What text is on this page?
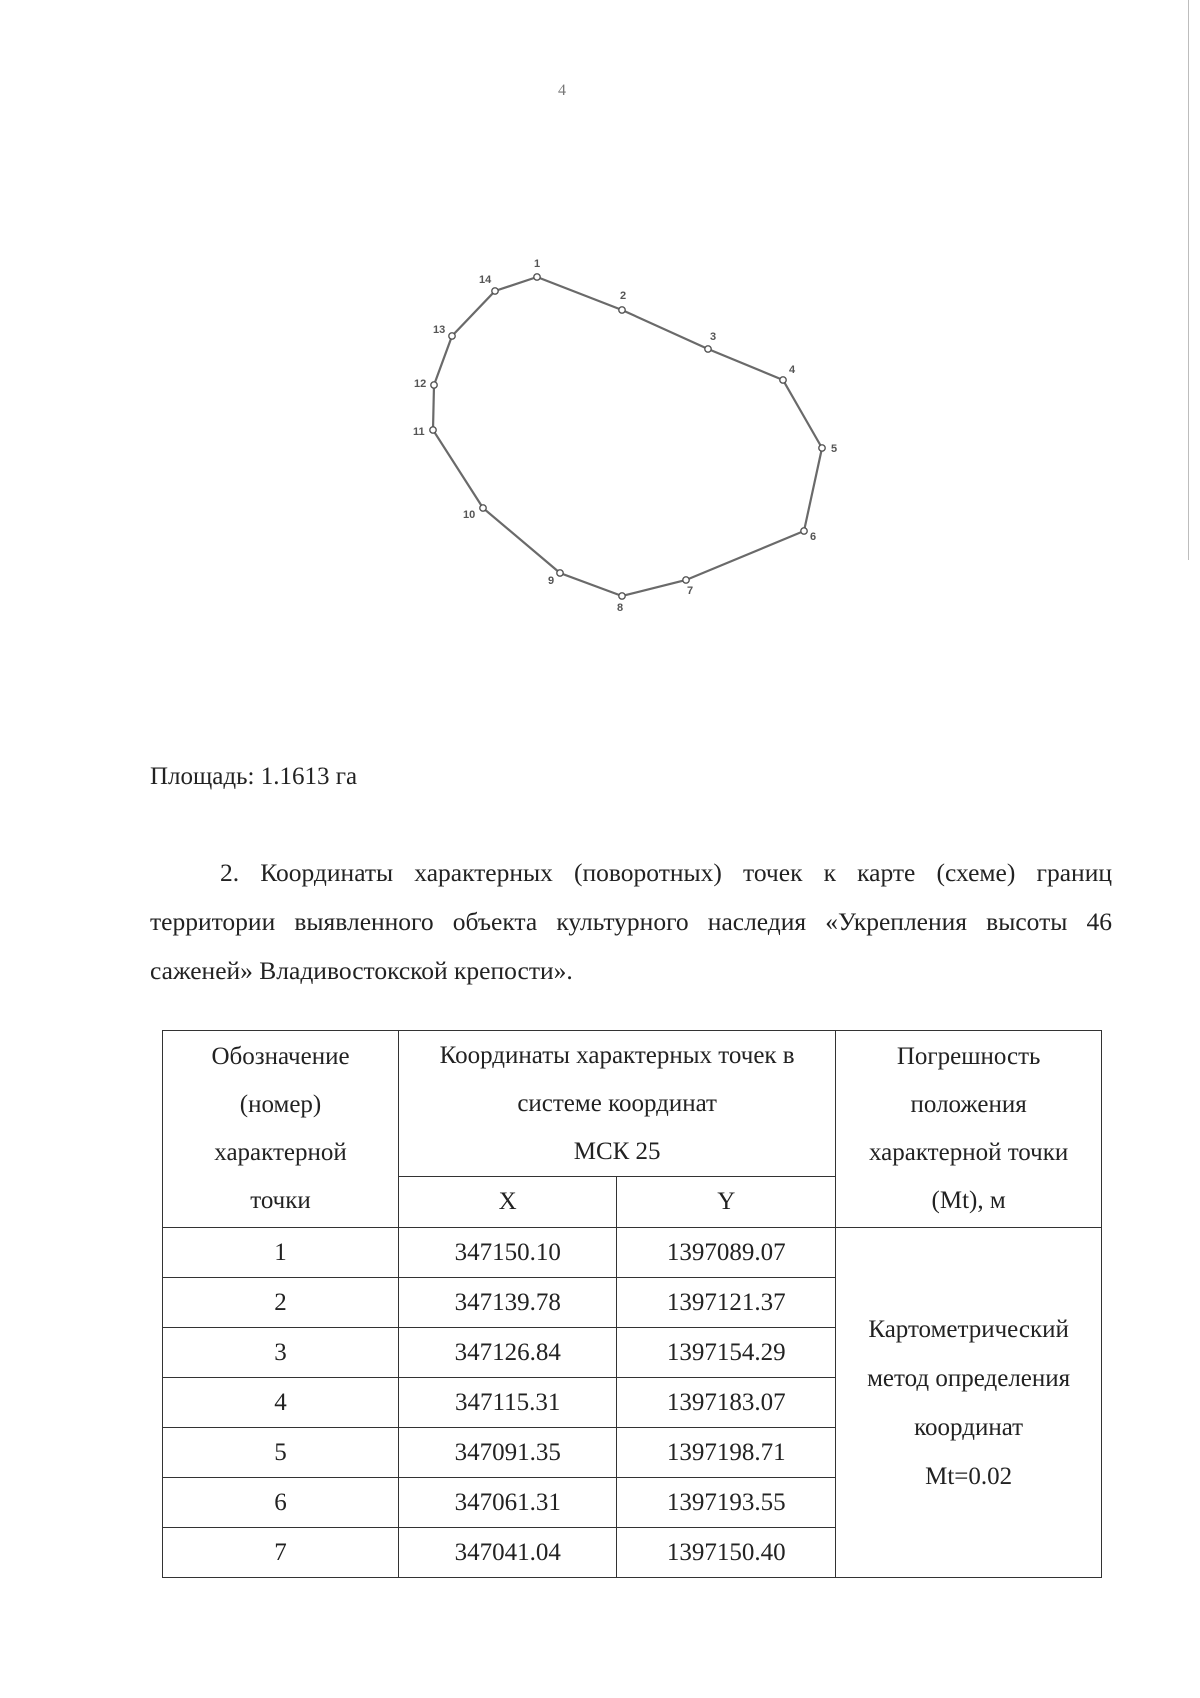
4
1
2
3
4
5
6
7
8
9
10
11
12
13
14
Площадь: 1.1613 га

2. Координаты характерных (поворотных) точек к карте (схеме) границ территории выявленного объекта культурного наследия «Укрепления высоты 46 саженей» Владивостокской крепости».

Обозначение
(номер)
характерной
точки	Координаты характерных точек в
системе координат
МСК 25		Погрешность
положения
характерной точки
(Mt), м

	X	Y	
1	347150.10	1397089.07	Картометрический
метод определения
координат
Mt=0.02

2	347139.78	1397121.37	
3	347126.84	1397154.29	
4	347115.31	1397183.07	
5	347091.35	1397198.71	
6	347061.31	1397193.55	
7	347041.04	1397150.40	
